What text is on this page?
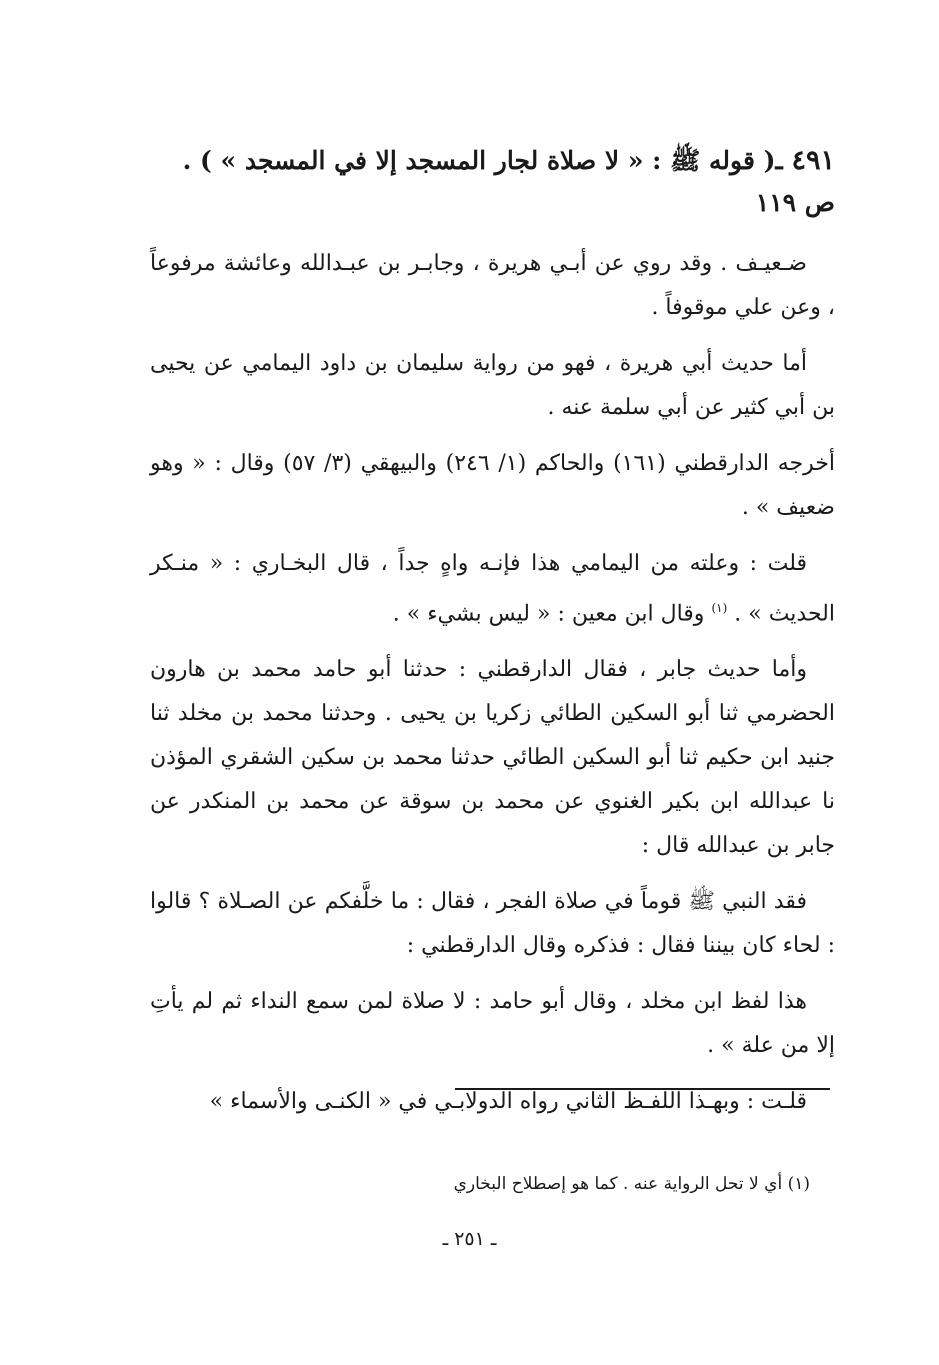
٤٩١ ـ( قوله ﷺ : « لا صلاة لجار المسجد إلا في المسجد » ) .
ص ١١٩

ضـعيـف . وقد روي عن أبـي هريرة ، وجابـر بن عبـدالله وعائشة مرفوعاً ، وعن علي موقوفاً .

أما حديث أبي هريرة ، فهو من رواية سليمان بن داود اليمامي عن يحيى بن أبي كثير عن أبي سلمة عنه .

أخرجه الدارقطني (١٦١) والحاكم (١/ ٢٤٦) والبيهقي (٣/ ٥٧) وقال : « وهو ضعيف » .

قلت : وعلته من اليمامي هذا فإنـه واهٍ جداً ، قال البخـاري : « منـكر الحديث » . $^{(١)}$ وقال ابن معين : « ليس بشيء » .

وأما حديث جابر ، فقال الدارقطني : حدثنا أبو حامد محمد بن هارون الحضرمي ثنا أبو السكين الطائي زكريا بن يحيى . وحدثنا محمد بن مخلد ثنا جنيد ابن حكيم ثنا أبو السكين الطائي حدثنا محمد بن سكين الشقري المؤذن نا عبدالله ابن بكير الغنوي عن محمد بن سوقة عن محمد بن المنكدر عن جابر بن عبدالله قال :

فقد النبي ﷺ قوماً في صلاة الفجر ، فقال : ما خلَّفكم عن الصـلاة ؟ قالوا : لحاء كان بيننا فقال : فذكره وقال الدارقطني :

هذا لفظ ابن مخلد ، وقال أبو حامد : لا صلاة لمن سمع النداء ثم لم يأتِ إلا من علة » .

قلـت : وبهـذا اللفـظ الثاني رواه الدولابـي في « الكنـى والأسماء »

(١) أي لا تحل الرواية عنه . كما هو إصطلاح البخاري
ـ ٢٥١ ـ
